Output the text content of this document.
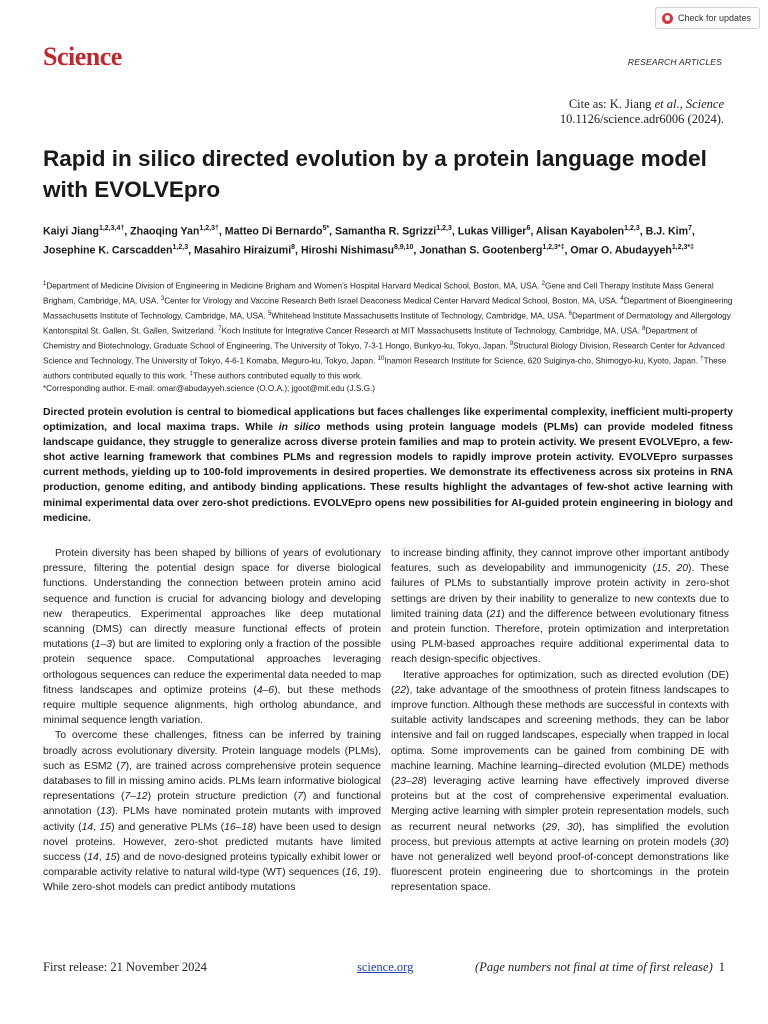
Check for updates
Science	RESEARCH ARTICLES
Cite as: K. Jiang et al., Science
10.1126/science.adr6006 (2024).
Rapid in silico directed evolution by a protein language model with EVOLVEpro
Kaiyi Jiang$^{1,2,3,4\dagger}$, Zhaoqing Yan$^{1,2,3\dagger}$, Matteo Di Bernardo$^{5*}$, Samantha R. Sgrizzi$^{1,2,3}$, Lukas Villiger$^6$, Alisan Kayabolen$^{1,2,3}$, B.J. Kim$^7$, Josephine K. Carscadden$^{1,2,3}$, Masahiro Hiraizumi$^8$, Hiroshi Nishimasu$^{8,9,10}$, Jonathan S. Gootenberg$^{1,2,3*\ddagger}$, Omar O. Abudayyeh$^{1,2,3*\ddagger}$
$^1$Department of Medicine Division of Engineering in Medicine Brigham and Women’s Hospital Harvard Medical School, Boston, MA, USA. $^2$Gene and Cell Therapy Institute Mass General Brigham, Cambridge, MA, USA. $^3$Center for Virology and Vaccine Research Beth Israel Deaconess Medical Center Harvard Medical School, Boston, MA, USA. $^4$Department of Bioengineering Massachusetts Institute of Technology, Cambridge, MA, USA. $^5$Whitehead Institute Massachusetts Institute of Technology, Cambridge, MA, USA. $^6$Department of Dermatology and Allergology Kantonspital St. Gallen, St. Gallen, Switzerland. $^7$Koch Institute for Integrative Cancer Research at MIT Massachusetts Institute of Technology, Cambridge, MA, USA. $^8$Department of Chemistry and Biotechnology, Graduate School of Engineering, The University of Tokyo, 7-3-1 Hongo, Bunkyo-ku, Tokyo, Japan. $^9$Structural Biology Division, Research Center for Advanced Science and Technology, The University of Tokyo, 4-6-1 Komaba, Meguro-ku, Tokyo, Japan. $^{10}$Inamori Research Institute for Science, 620 Suiginya-cho, Shimogyo-ku, Kyoto, Japan. †These authors contributed equally to this work. ‡These authors contributed equally to this work.
*Corresponding author. E-mail: omar@abudayyeh.science (O.O.A.); jgoot@mit.edu (J.S.G.)
Directed protein evolution is central to biomedical applications but faces challenges like experimental complexity, inefficient multi-property optimization, and local maxima traps. While in silico methods using protein language models (PLMs) can provide modeled fitness landscape guidance, they struggle to generalize across diverse protein families and map to protein activity. We present EVOLVEpro, a few-shot active learning framework that combines PLMs and regression models to rapidly improve protein activity. EVOLVEpro surpasses current methods, yielding up to 100-fold improvements in desired properties. We demonstrate its effectiveness across six proteins in RNA production, genome editing, and antibody binding applications. These results highlight the advantages of few-shot active learning with minimal experimental data over zero-shot predictions. EVOLVEpro opens new possibilities for AI-guided protein engineering in biology and medicine.

Protein diversity has been shaped by billions of years of evolutionary pressure, filtering the potential design space for diverse biological functions. Understanding the connection between protein amino acid sequence and function is crucial for advancing biology and developing new therapeutics. Experimental approaches like deep mutational scanning (DMS) can directly measure functional effects of protein mutations (1–3) but are limited to exploring only a fraction of the possible protein sequence space. Computational approaches leveraging orthologous sequences can reduce the experimental data needed to map fitness landscapes and optimize proteins (4–6), but these methods require multiple sequence alignments, high ortholog abundance, and minimal sequence length variation.

To overcome these challenges, fitness can be inferred by training broadly across evolutionary diversity. Protein language models (PLMs), such as ESM2 (7), are trained across comprehensive protein sequence databases to fill in missing amino acids. PLMs learn informative biological representations (7–12) protein structure prediction (7) and functional annotation (13). PLMs have nominated protein mutants with improved activity (14, 15) and generative PLMs (16–18) have been used to design novel proteins. However, zero-shot predicted mutants have limited success (14, 15) and de novo-designed proteins typically exhibit lower or comparable activity relative to natural wild-type (WT) sequences (16, 19). While zero-shot models can predict antibody mutations

to increase binding affinity, they cannot improve other important antibody features, such as developability and immunogenicity (15, 20). These failures of PLMs to substantially improve protein activity in zero-shot settings are driven by their inability to generalize to new contexts due to limited training data (21) and the difference between evolutionary fitness and protein function. Therefore, protein optimization and interpretation using PLM-based approaches require additional experimental data to reach design-specific objectives.

Iterative approaches for optimization, such as directed evolution (DE) (22), take advantage of the smoothness of protein fitness landscapes to improve function. Although these methods are successful in contexts with suitable activity landscapes and screening methods, they can be labor intensive and fail on rugged landscapes, especially when trapped in local optima. Some improvements can be gained from combining DE with machine learning. Machine learning–directed evolution (MLDE) methods (23–28) leveraging active learning have effectively improved diverse proteins but at the cost of comprehensive experimental evaluation. Merging active learning with simpler protein representation models, such as recurrent neural networks (29, 30), has simplified the evolution process, but previous attempts at active learning on protein models (30) have not generalized well beyond proof-of-concept demonstrations like fluorescent protein engineering due to shortcomings in the protein representation space.

First release: 21 November 2024	science.org	(Page numbers not final at time of first release) 1
